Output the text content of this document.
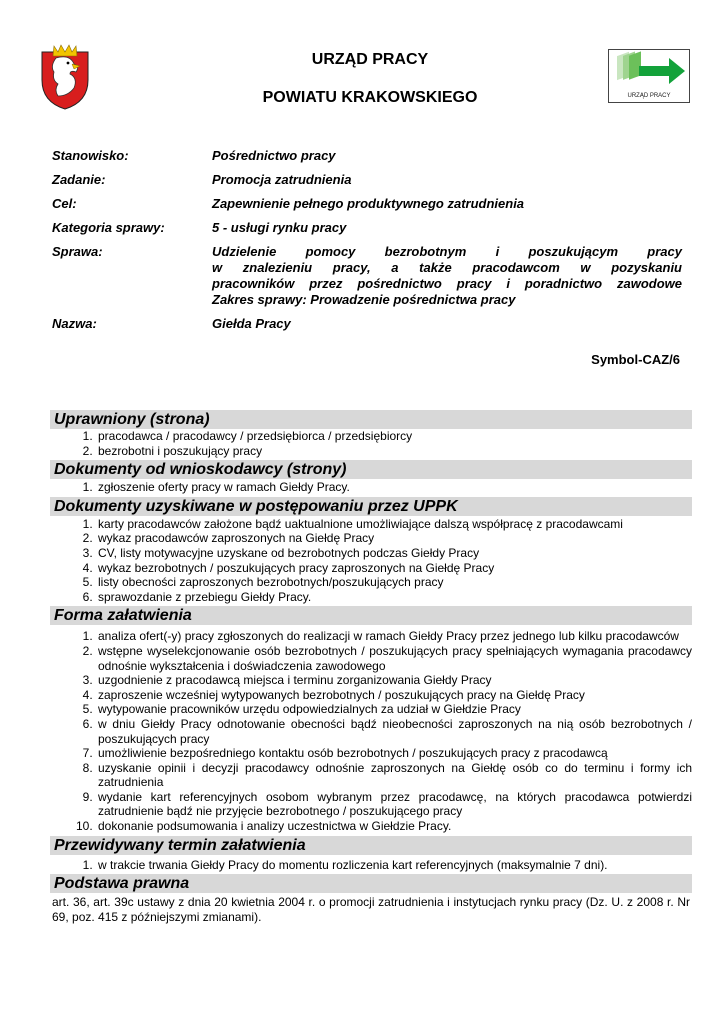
URZĄD PRACY
POWIATU KRAKOWSKIEGO	URZĄD PRACY
Stanowisko:	Pośrednictwo pracy
Zadanie:	Promocja zatrudnienia
Cel:	Zapewnienie pełnego produktywnego zatrudnienia
Kategoria sprawy:	5 - usługi rynku pracy
Sprawa:	Udzielenie pomocy bezrobotnym i poszukującym pracy
w znalezieniu pracy, a także pracodawcom w pozyskaniu
pracowników przez pośrednictwo pracy i poradnictwo zawodowe
Zakres sprawy: Prowadzenie pośrednictwa pracy
Nazwa:	Giełda Pracy
Symbol-CAZ/6
Uprawniony (strona)
1. pracodawca / pracodawcy / przedsiębiorca / przedsiębiorcy
2. bezrobotni i poszukujący pracy
Dokumenty od wnioskodawcy (strony)
1. zgłoszenie oferty pracy w ramach Giełdy Pracy.
Dokumenty uzyskiwane w postępowaniu przez UPPK
1. karty pracodawców założone bądź uaktualnione umożliwiające dalszą współpracę z pracodawcami
2. wykaz pracodawców zaproszonych na Giełdę Pracy
3. CV, listy motywacyjne uzyskane od bezrobotnych podczas Giełdy Pracy
4. wykaz bezrobotnych / poszukujących pracy zaproszonych na Giełdę Pracy
5. listy obecności zaproszonych bezrobotnych/poszukujących pracy
6. sprawozdanie z przebiegu Giełdy Pracy.
Forma załatwienia
1. analiza ofert(-y) pracy zgłoszonych do realizacji w ramach Giełdy Pracy przez jednego lub kilku pracodawców
2. wstępne wyselekcjonowanie osób bezrobotnych / poszukujących pracy spełniających wymagania pracodawcy odnośnie wykształcenia i doświadczenia zawodowego
3. uzgodnienie z pracodawcą miejsca i terminu zorganizowania Giełdy Pracy
4. zaproszenie wcześniej wytypowanych bezrobotnych / poszukujących pracy na Giełdę Pracy
5. wytypowanie pracowników urzędu odpowiedzialnych za udział w Giełdzie Pracy
6. w dniu Giełdy Pracy odnotowanie obecności bądź nieobecności zaproszonych na nią osób bezrobotnych / poszukujących pracy
7. umożliwienie bezpośredniego kontaktu osób bezrobotnych / poszukujących pracy z pracodawcą
8. uzyskanie opinii i decyzji pracodawcy odnośnie zaproszonych na Giełdę osób co do terminu i formy ich zatrudnienia
9. wydanie kart referencyjnych osobom wybranym przez pracodawcę, na których pracodawca potwierdzi zatrudnienie bądź nie przyjęcie bezrobotnego / poszukującego pracy
10. dokonanie podsumowania i analizy uczestnictwa w Giełdzie Pracy.
Przewidywany termin załatwienia
1. w trakcie trwania Giełdy Pracy do momentu rozliczenia kart referencyjnych (maksymalnie 7 dni).
Podstawa prawna
art. 36, art. 39c ustawy z dnia 20 kwietnia 2004 r. o promocji zatrudnienia i instytucjach rynku pracy (Dz. U. z 2008 r. Nr 69, poz. 415 z późniejszymi zmianami).
